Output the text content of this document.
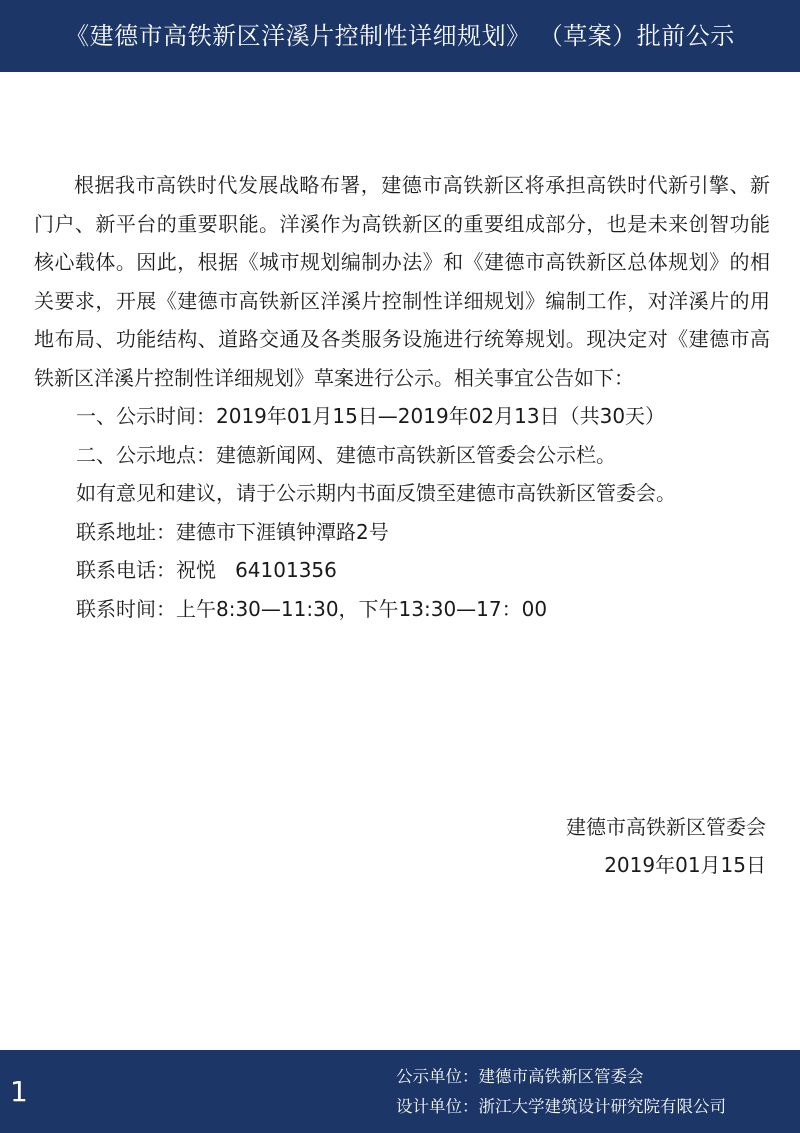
《建德市高铁新区洋溪片控制性详细规划》 （草案）批前公示

根据我市高铁时代发展战略布署，建德市高铁新区将承担高铁时代新引擎、新门户、新平台的重要职能。洋溪作为高铁新区的重要组成部分，也是未来创智功能核心载体。因此，根据《城市规划编制办法》和《建德市高铁新区总体规划》的相关要求，开展《建德市高铁新区洋溪片控制性详细规划》编制工作，对洋溪片的用地布局、功能结构、道路交通及各类服务设施进行统筹规划。现决定对《建德市高铁新区洋溪片控制性详细规划》草案进行公示。相关事宜公告如下：

一、公示时间：2019年01月15日—2019年02月13日（共30天）

二、公示地点：建德新闻网、建德市高铁新区管委会公示栏。

如有意见和建议，请于公示期内书面反馈至建德市高铁新区管委会。

联系地址：建德市下涯镇钟潭路2号

联系电话：祝悦   64101356

联系时间：上午8:30—11:30，下午13:30—17：00

建德市高铁新区管委会
2019年01月15日
1	公示单位：建德市高铁新区管委会
设计单位：浙江大学建筑设计研究院有限公司
